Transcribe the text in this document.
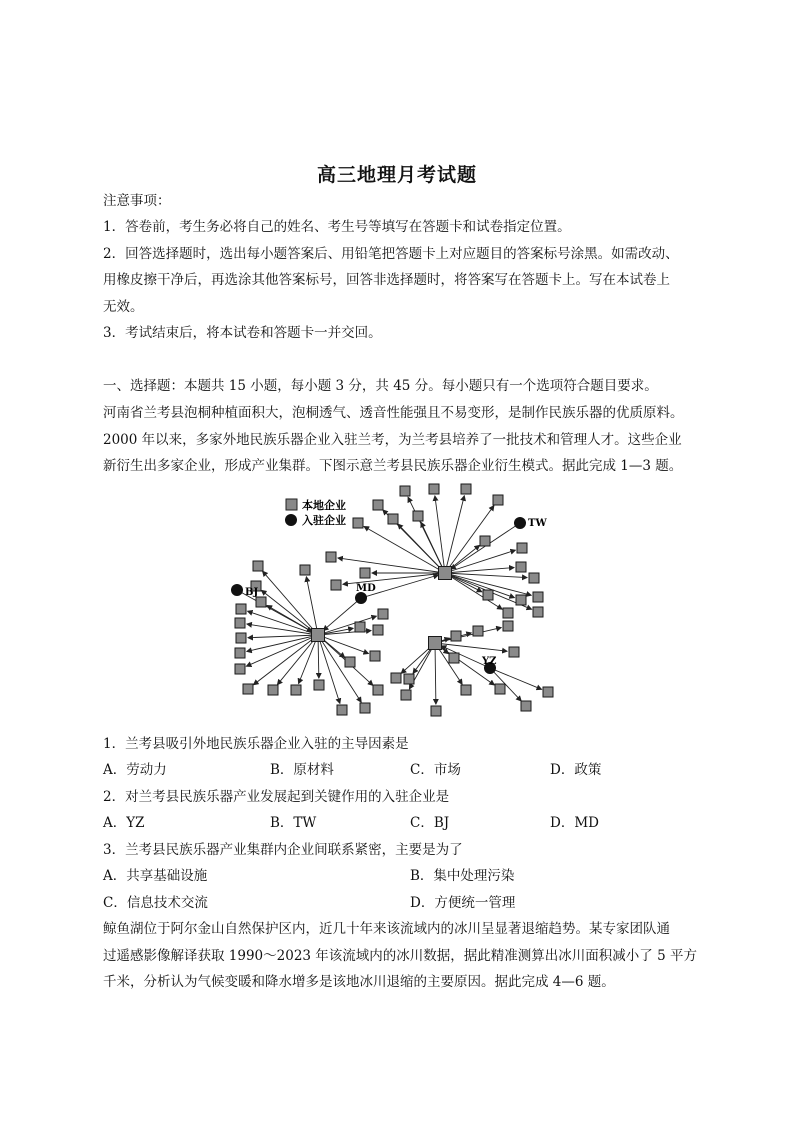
高三地理月考试题
注意事项：
1．答卷前，考生务必将自己的姓名、考生号等填写在答题卡和试卷指定位置。
2．回答选择题时，选出每小题答案后、用铅笔把答题卡上对应题目的答案标号涂黑。如需改动、
用橡皮擦干净后，再选涂其他答案标号，回答非选择题时，将答案写在答题卡上。写在本试卷上
无效。
3．考试结束后，将本试卷和答题卡一并交回。
一、选择题：本题共 15 小题，每小题 3 分，共 45 分。每小题只有一个选项符合题目要求。
河南省兰考县泡桐种植面积大，泡桐透气、透音性能强且不易变形，是制作民族乐器的优质原料。
2000 年以来，多家外地民族乐器企业入驻兰考，为兰考县培养了一批技术和管理人才。这些企业
新衍生出多家企业，形成产业集群。下图示意兰考县民族乐器企业衍生模式。据此完成 1—3 题。
本地企业
入驻企业	TW
BJ	MD
YZ
1．兰考县吸引外地民族乐器企业入驻的主导因素是
A．劳动力	B．原材料	C．市场	D．政策
2．对兰考县民族乐器产业发展起到关键作用的入驻企业是
A．YZ	B．TW	C．BJ	D．MD
3．兰考县民族乐器产业集群内企业间联系紧密，主要是为了
A．共享基础设施	B．集中处理污染
C．信息技术交流	D．方便统一管理
鲸鱼湖位于阿尔金山自然保护区内，近几十年来该流域内的冰川呈显著退缩趋势。某专家团队通
过遥感影像解译获取 1990～2023 年该流域内的冰川数据，据此精准测算出冰川面积减小了 5 平方
千米，分析认为气候变暖和降水增多是该地冰川退缩的主要原因。据此完成 4—6 题。
